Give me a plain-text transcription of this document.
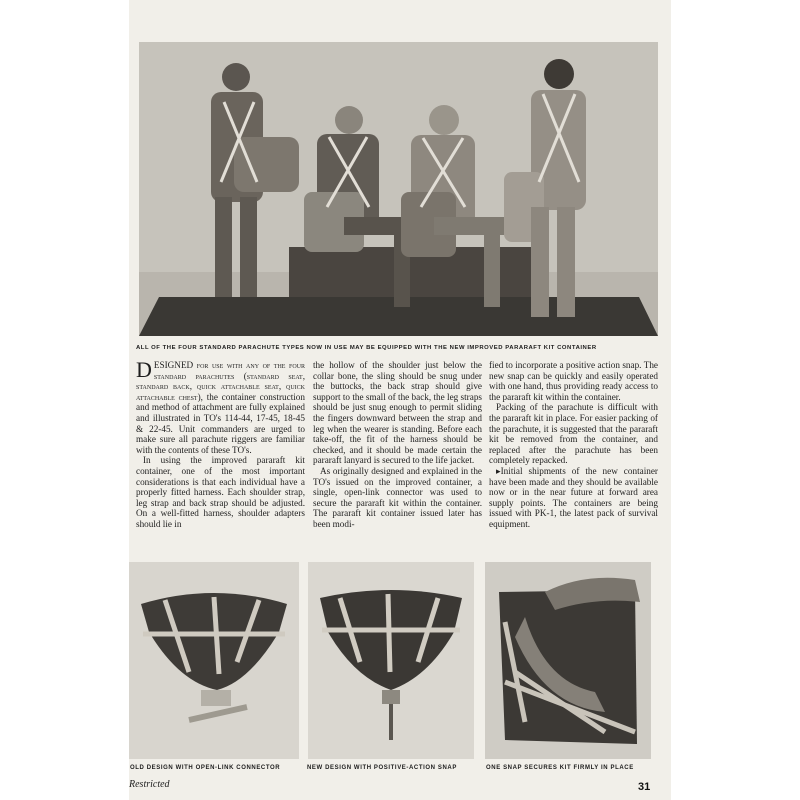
ALL OF THE FOUR STANDARD PARACHUTE TYPES NOW IN USE MAY BE EQUIPPED WITH THE NEW IMPROVED PARARAFT KIT CONTAINER

DESIGNED for use with any of the four standard parachutes (standard seat, standard back, quick attachable seat, quick attachable chest), the container construction and method of attachment are fully explained and illustrated in TO's 114-44, 17-45, 18-45 & 22-45. Unit commanders are urged to make sure all parachute riggers are familiar with the contents of these TO's.

In using the improved pararaft kit container, one of the most important considerations is that each individual have a properly fitted harness. Each shoulder strap, leg strap and back strap should be adjusted. On a well-fitted harness, shoulder adapters should lie in

the hollow of the shoulder just below the collar bone, the sling should be snug under the buttocks, the back strap should give support to the small of the back, the leg straps should be just snug enough to permit sliding the fingers downward between the strap and leg when the wearer is standing. Before each take-off, the fit of the harness should be checked, and it should be made certain the pararaft lanyard is secured to the life jacket.

As originally designed and explained in the TO's issued on the improved container, a single, open-link connector was used to secure the pararaft kit within the container. The pararaft kit container issued later has been modi-

fied to incorporate a positive action snap. The new snap can be quickly and easily operated with one hand, thus providing ready access to the pararaft kit within the container.

Packing of the parachute is difficult with the pararaft kit in place. For easier packing of the parachute, it is suggested that the pararaft kit be removed from the container, and replaced after the parachute has been completely repacked.

▸Initial shipments of the new container have been made and they should be available now or in the near future at forward area supply points. The containers are being issued with PK-1, the latest pack of survival equipment.

OLD DESIGN WITH OPEN-LINK CONNECTOR	NEW DESIGN WITH POSITIVE-ACTION SNAP	ONE SNAP SECURES KIT FIRMLY IN PLACE
Restricted	31
